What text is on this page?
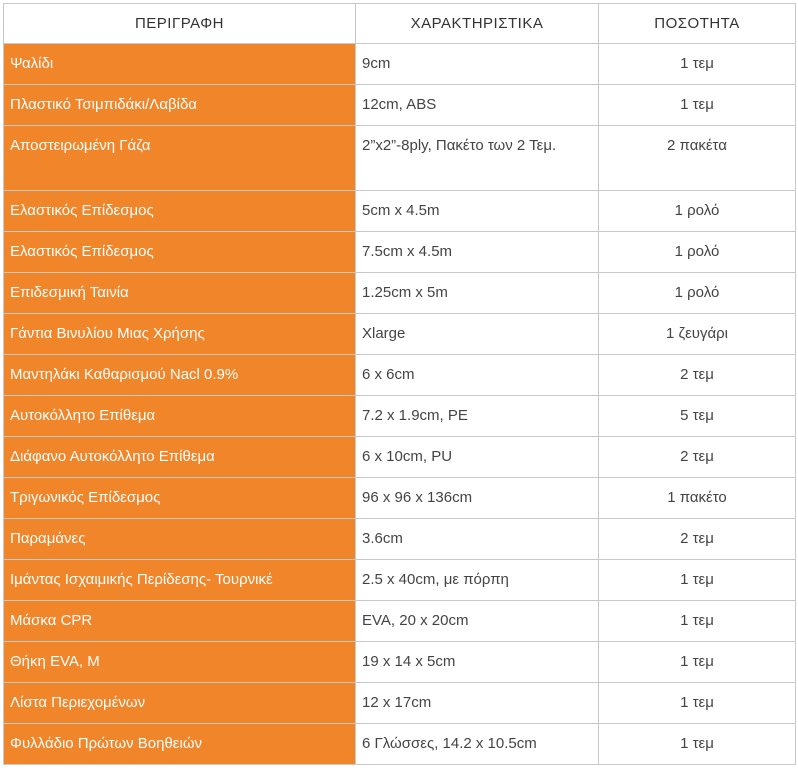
ΠΕΡΙΓΡΑΦΗ	ΧΑΡΑΚΤΗΡΙΣΤΙΚΑ	ΠΟΣΟΤΗΤΑ
Ψαλίδι	9cm	1 τεμ
Πλαστικό Τσιμπιδάκι/Λαβίδα	12cm, ABS	1 τεμ
Αποστειρωμένη Γάζα	2”x2”-8ply, Πακέτο των 2 Τεμ.	2 πακέτα
Ελαστικός Επίδεσμος	5cm x 4.5m	1 ρολό
Ελαστικός Επίδεσμος	7.5cm x 4.5m	1 ρολό
Επιδεσμική Ταινία	1.25cm x 5m	1 ρολό
Γάντια Βινυλίου Μιας Χρήσης	Xlarge	1 ζευγάρι
Μαντηλάκι Καθαρισμού Nacl 0.9%	6 x 6cm	2 τεμ
Αυτοκόλλητο Επίθεμα	7.2 x 1.9cm, PE	5 τεμ
Διάφανο Αυτοκόλλητο Επίθεμα	6 x 10cm, PU	2 τεμ
Τριγωνικός Επίδεσμος	96 x 96 x 136cm	1 πακέτο
Παραμάνες	3.6cm	2 τεμ
Ιμάντας Ισχαιμικής Περίδεσης- Τουρνικέ	2.5 x 40cm, με πόρπη	1 τεμ
Μάσκα CPR	EVA, 20 x 20cm	1 τεμ
Θήκη EVA, M	19 x 14 x 5cm	1 τεμ
Λίστα Περιεχομένων	12 x 17cm	1 τεμ
Φυλλάδιο Πρώτων Βοηθειών	6 Γλώσσες, 14.2 x 10.5cm	1 τεμ
